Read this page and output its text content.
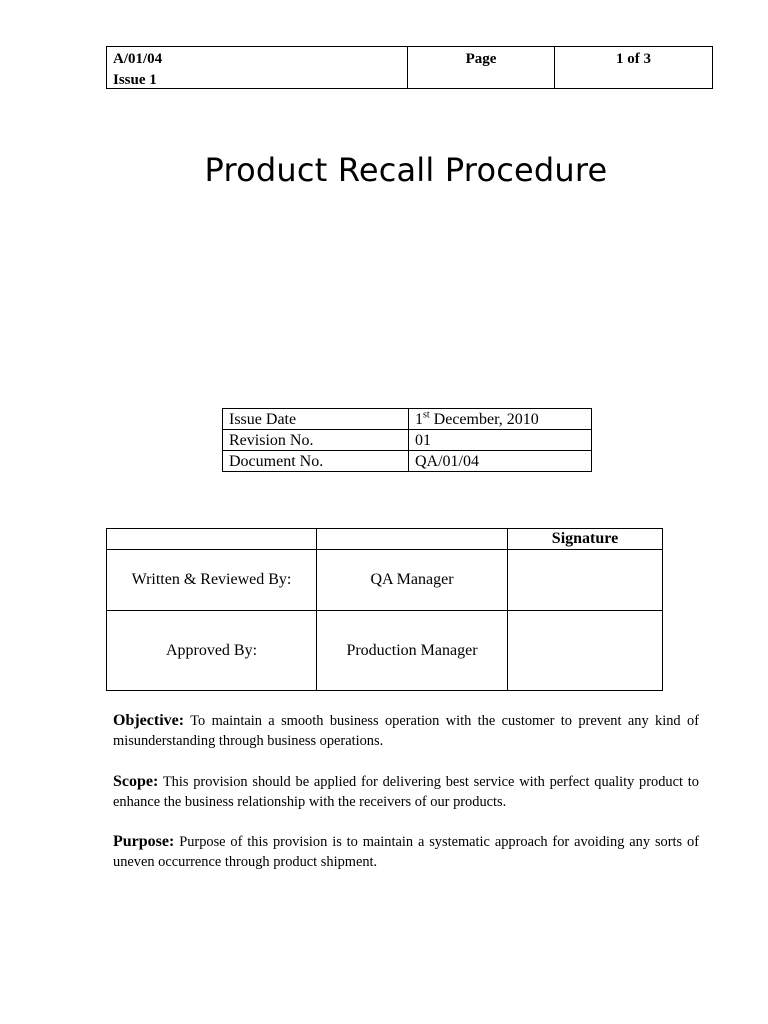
A/01/04
Issue 1
Page	1 of 3
Product Recall Procedure
Issue Date	1st December, 2010
Revision No.	01
Document No.	QA/01/04
		Signature
Written & Reviewed By:	QA Manager	
Approved By:	Production Manager	
Objective: To maintain a smooth business operation with the customer to prevent any kind of misunderstanding through business operations.
Scope: This provision should be applied for delivering best service with perfect quality product to enhance the business relationship with the receivers of our products.
Purpose: Purpose of this provision is to maintain a systematic approach for avoiding any sorts of uneven occurrence through product shipment.
